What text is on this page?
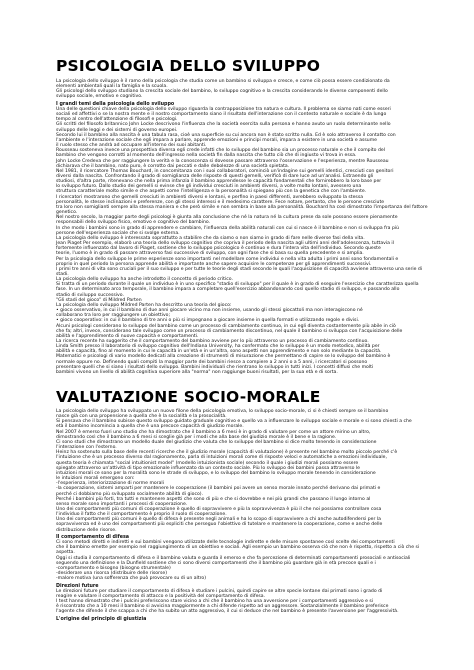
PSICOLOGIA DELLO SVILUPPO

La psicologia dello sviluppo è il ramo della psicologia che studia come un bambino si sviluppa e cresce, e come ciò possa essere condizionato da

elementi ambientali quali la famiglia e la scuola.

Gli psicologi dello sviluppo studiano la crescita sociale del bambino, lo sviluppo cognitivo e la crescita considerando le diverse componenti dello

sviluppo sociale, emotivo e cognitivo.

I grandi temi della psicologia dello sviluppo

Una delle questioni chiave della psicologia dello sviluppo riguarda la contrapposizione tra natura e cultura. Il problema se siamo nati come esseri

sociali ed affettivi o se la nostra mente e il nostro comportamento siano il risultato dell'interazione con il contesto naturale e sociale è da lungo

tempo al centro dell'attenzione di filosofi e psicologi.

Gli scritti del filosofo britannico John Locke descrivono l'influenza che la società esercita sulla persona e hanno avuto un ruolo determinante nello

sviluppo delle leggi e dei sistemi di governo europei.

Secondo lui il bambino alla nascita è una tabula rasa, cioè una superficie su cui ancora non è stato scritto nulla. Ed è solo attraverso il contatto con

l'ambiente e l'interazione sociale che egli impara a parlare, apprende emozioni e principi morali, impara a esistere in una società e assume

il ruolo stesso che andrà ad occupare all'interno dei suoi abitanti.

Rousseau sosteneva invece una prospettiva diversa egli crede infatti che lo sviluppo del bambino sia un processo naturale e che il compito del

bambino che vengono corrotti al momento dell'ingresso nella società fin dalla nascita che tutto ciò che di ingiusto vi trova in essa.

John Locke Credeva che per raggiungere la verità e la conoscenza si dovesse passare attraverso l'osservazione e l'esperienza, mentre Rousseau

dichiarava che il bambino, nato puro, è corrotto dai peccati e dalle debolezze di una società spietata.

Nel 1981, il ricercatore Thomas Bouchard, in concomitanza con i suoi collaboratori, cominciò un'indagine sui gemelli identici, cresciuti con genitori

diversi dalla nascita. Confrontando il grado di somiglianza delle risposte di questi gemelli, verificò di dare luce ad un'analisi. Estraendo gli

studiosi, d'altra parte, ritenevano che nella prima infanzia il bambino apprendesse le capacità fondamentali che fornirebbero la loro base per

lo sviluppo futuro. Dallo studio dei gemelli si evinse che gli individui cresciuti in ambienti diversi, a volte molto lontani, avessero una

struttura caratteriale molto simile e che aspetti come l'intelligenza e la personalità si spiegano più con la genetica che con l'ambiente.

I ricercatori mostrarono che gemelli cresciuti in ambienti diversi e lontani, e perfino in paesi differenti, avrebbero sviluppato la stessa

personalità, le stesse inclinazioni e preferenze, con gli stessi interessi e il medesimo carattere. Fece notare, pertanto, che le persone cresciute

tra loro non somiglianti sempre alla stessa maniera e che però simile e non sembra in base alla personalità. Bouchard ha così dimostrato l'importanza del fattore

genetico.

Nel nostro secolo, la maggior parte degli psicologi è giunta alla conclusione che né la natura né la cultura prese da sole possono essere pienamente

responsabili dello sviluppo fisico, emotivo e cognitivo del bambino.

In che modo i bambini sono in grado di apprendere e cambiare, l'influenza della abilità naturali con cui si nasce è il bambino e non si sviluppa fra più

persone dell'esperienza sociale che si svolge esterna.

La psicologia dello sviluppo è interessata soprattutto a stabilire che da siamo o non siamo in grado di fare nelle diverse fasi della vita.

Jean Piaget Per esempio, elaborò una teoria dello sviluppo cognitivo che copriva il periodo della nascita agli ultimi anni dell'adolescenza, tuttavia il

fortemente influenzato dal lavoro di Piaget, sostiene che lo sviluppo psicologico è continuo e dura l'intera vita dell'individuo. Secondo queste

teorie, l'uomo è in grado di passare attraverso fasi successive di sviluppo, con ogni fase che si basa su quella precedente e si amplia.

Per la psicologia dello sviluppo le prime esperienze sono importanti nel modellare come individui e nella vita adulta i primi anni sono fondamentali e

proprio in quel periodo la persona apprende abilità e importante anche sapere acquisire le competenze per gli apprendimenti successivi.

I primi tre anni di vita sono cruciali per il suo sviluppo e per tutte le teorie degli stadi secondo le quali l'acquisizione di capacità avviene attraverso una serie di

stadi.

La psicologia dello sviluppo ha anche introdotto il concetto di periodo critico.

Si tratta di un periodo durante il quale un individuo è in uno specifico "stadio di sviluppo" per il quale è in grado di eseguire l'esercizio che caratterizza quella

fase. In un determinato arco temporale, il bambino impara a completare quell'esercizio abbandonando così quello stadio di sviluppo, e passando allo

stadio di sviluppo successivo.

"Gli stadi del gioco" di Mildred Parten

La psicologia dello sviluppo Mildred Parten ha descritto una teoria del gioco:

• gioco osservativo, in cui il bambino di due anni giocare vicino ma non insieme, usando gli stessi giocattoli ma non interagiscono né

collaborano tra loro per raggiungere un obiettivo;

• gioco cooperativo: in cui il bambino di tre anni o più si impegnano a giocare insieme in quella formati e utilizzando regole e divisi.

Alcuni psicologi considerano lo sviluppo del bambino come un processo di cambiamento continuo, in cui egli diventa costantemente più abile in ciò

che fa; altri, invece, considerano tale sviluppo come un processo di cambiamento discontinuo, nel quale il bambino si sviluppa con l'acquisizione delle

abilità e l'apprendimento di nuove capacità e comportamenti.

La ricerca recente ha suggerito che il comportamento del bambino avviene per lo più attraverso un processo di cambiamento continuo.

Linda Smith presso il laboratorio di sviluppo cognitivo dell'Indiana University, ha confermato che lo sviluppo è un modo metodico, abilità per

abilità e capacità, fino al momento in cui le capacità in un'età e in un'altra, sono aspetti non apprendimento e non solo mediante la capacità.

Matematici e psicologi di vario modello dedicati alla creazione di strumenti di misurazione che permettano di capire se lo sviluppo del bambino è

normale oppure no. Definendo quali compiti la maggior parte dei bambini riesce a compiere a 2 anni o a 5 anni, i ricercatori si possono

presentare quelli che si siano i risultati dello sviluppo. Bambini individuali che rientrano lo sviluppo in tutti inizi. I concetti diffusi che molti

bambini vivono un livello di abilità cognitiva superiore alla "norma" non raggiunge buoni risultati, per la sua età e di sorta.

VALUTAZIONE SOCIO-MORALE

La psicologia dello sviluppo ha sviluppato un nuovo filone della psicologia emotiva, lo sviluppo socio-morale, ci si è chiesti sempre se il bambino

nasce già con una propensione a quella che è la socialità e la prosocialità.

Si pensava che il bambino subisse questo sviluppo guidato graduale cognitivo e quello va a influenzare lo sviluppo sociale e morale e si sono chiesti a che

età il bambino incomincia a quella che è una precoce capacità di giudizio morale.

Nel 2007 è emerso fuori uno studio che ha dimostrato che il bambino a 6 mesi è in grado di valutare per come un attore mirino un altro,

dimostrando così che il bambino a 6 mesi si sceglie già per i modi che alla base del giudizio morale è il bene e la ragione.

Ci sono studi che dimostrano un modello duale del giudizio che valuta che lo sviluppo del bambino si dice molto tenendo in considerazione

l'interazione con l'esterno.

Heinz ha sostenuto sulla base delle recenti ricerche che il giudizio morale (capacità di valutazione) è presente nel bambino molto piccolo perché c'è

l'intuizione che è un processo diverso dal ragionamento, parla di intuizioni morali come di risposte veloci e automatiche a emozioni individuale,

questa teoria è chiamata "social intuitionist model" (modello intuizionista sociale) secondo il quale i giudizi morali possiamo essere

spiegate attraverso un'attività di tipo emozionale influenzato da un contesto sociale. Più lo sviluppo dei bambini passa attraverso le

intuizioni morali ce sono per la moralità sono le strade di sviluppo, e lo sviluppo del bambino lo sviluppo morale tenendo in considerazione

le intuizioni morali emergono con:

-l'esperienza, interiorizzazione di norme morali

-la cooperazione, sistemi amparti per mantenere le cooperazione (il bambini poi avere un senso morale innato perché derivano dai primati e

perché ci dobbiamo più sviluppato socialmente abilità di gioco).

Perché i bambini più forti, tra tutti e mantenere aspetti che sono di più e che si dovrebbe e nei più grandi che passano il lungo intorno al

senso morale sono importanti i processi di cooperazione.

Uno dei comportamenti più comuni di cooperazione è quello di sopravvivere e più la sopravvivenza è più il che noi possiamo controllare cosa

l'individuo il fatto che il comportamento è proprio il ruolo di cooperazione.

Uno dei comportamenti più comuni è quello di difesa è presente negli animali e ha lo scopo di sopravvivere a chi anche autodifendersi per la

sopravvivenza ed è uno dei comportamenti più espliciti che perseguo l'obiettivo di tutelare e mantenere la cooperazione, come e anche delle

distribuzione delle risorse.

Il comportamento di difesa

Ci sono metodi diretti e indiretti e sui bambini vengono utilizzate delle tecnologie indirette e delle misure spontanee così scelte dei comportamenti

che il bambino emette per esempio nel raggiungimento di un obiettivo e sociali. Agli esempio un bambino osserva ciò che non è rispetto, rispetto a ciò che si

aspetta.

Oggi si studia il comportamento di difesa e il bambino valuta e guarda il emerso e che fa percezione di determinati comportamenti prosociali e antisociali

seguendo una definizione e la Dunfield sostiene che ci sono diversi comportamenti che il bambino più guardare già in età precoce quali e i

-comportamento e bisogno (bisogno strumentale)

-desiderare una risorsa (distribuire delle risorse)

-malore motiva (una sofferenza che può provocare su di un altro)

Direzioni future

Le direzioni future per studiare il comportamento di difesa è studiare i pulcini, quindi capire se altre specie lontane dai primati sono i grado di

reagire e valutare il comportamento di attacco e la positività del comportamento di difesa.

I test hanno dimostrato che i pulcini preferiscono stare vicino a chi che il bambino ha una avversione per i comportamenti aggressivo e si

è riscontrato che a 10 mesi il bambino si avvicina maggiormente a chi difende rispetto ad un aggressore. Sostanzialmente il bambino preferisce

l'agente che difende il che scappa a chi che ha subito un atto aggressivo, il cui si deduce che nel bambino è presente l'avversione per l'aggressività.

L'origine del principio di giustizia
